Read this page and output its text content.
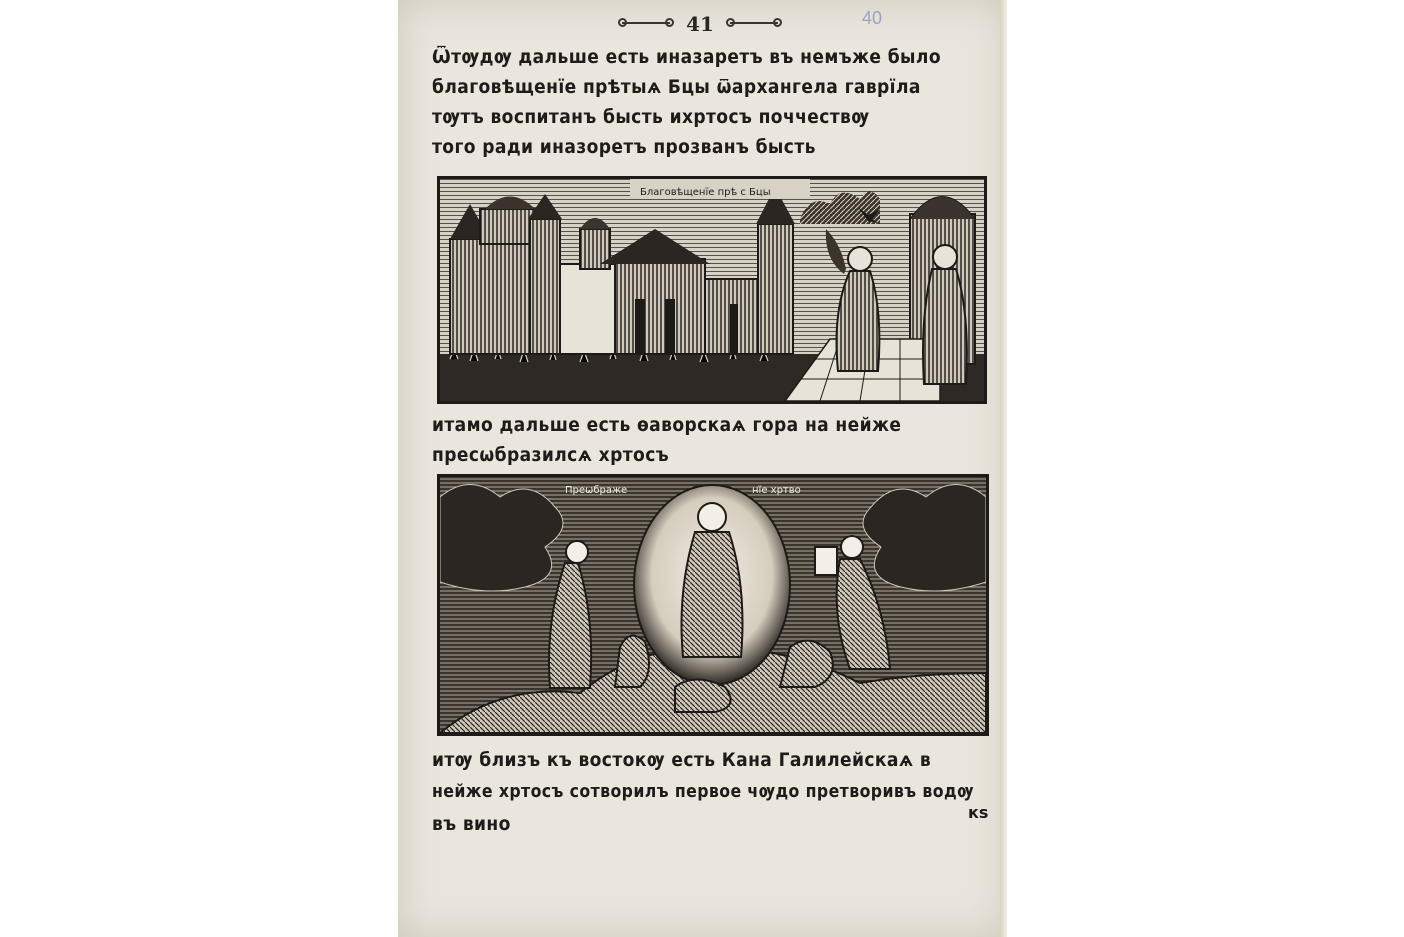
41	40
Ѿтѹдѹ дальше есть иназаретъ въ немъже было
благовѣщенїе прѣтыѧ Бцы ѿархангела гаврїла
тѹтъ воспитанъ бысть ихртосъ поччествѹ
того ради иназоретъ прозванъ бысть
Благовѣщенїе прѣ с Бцы
итамо дальше есть ѳаворскаѧ гора на нейже
пресѡбразилсѧ хртосъ
Преѡбраже	нїе хртво
итѹ близъ къ востокѹ есть Кана Галилейскаѧ в
нейже хртосъ сотворилъ первое чѹдо претворивъ водѹ
въ вино
кѕ
